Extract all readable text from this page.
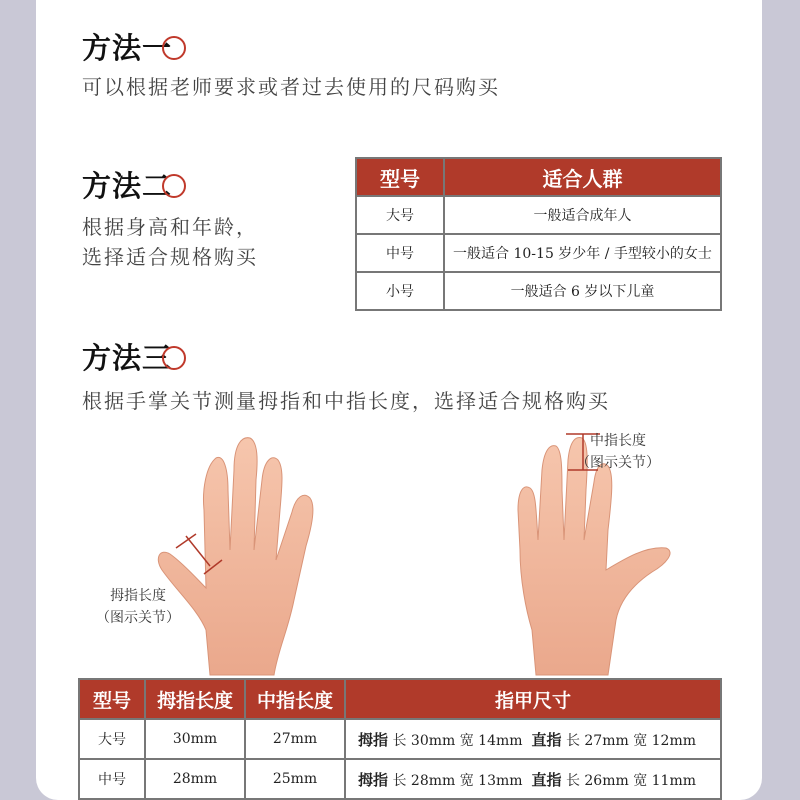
方法一
可以根据老师要求或者过去使用的尺码购买
方法二
根据身高和年龄，
选择适合规格购买
型号	适合人群
大号	一般适合成年人
中号	一般适合 10-15 岁少年 / 手型较小的女士
小号	一般适合 6 岁以下儿童
方法三
根据手掌关节测量拇指和中指长度，选择适合规格购买
拇指长度
（图示关节）
中指长度
（图示关节）
型号	拇指长度	中指长度	指甲尺寸
大号	30mm	27mm	拇指 长 30mm 宽 14mm 直指 长 27mm 宽 12mm
中号	28mm	25mm	拇指 长 28mm 宽 13mm 直指 长 26mm 宽 11mm
